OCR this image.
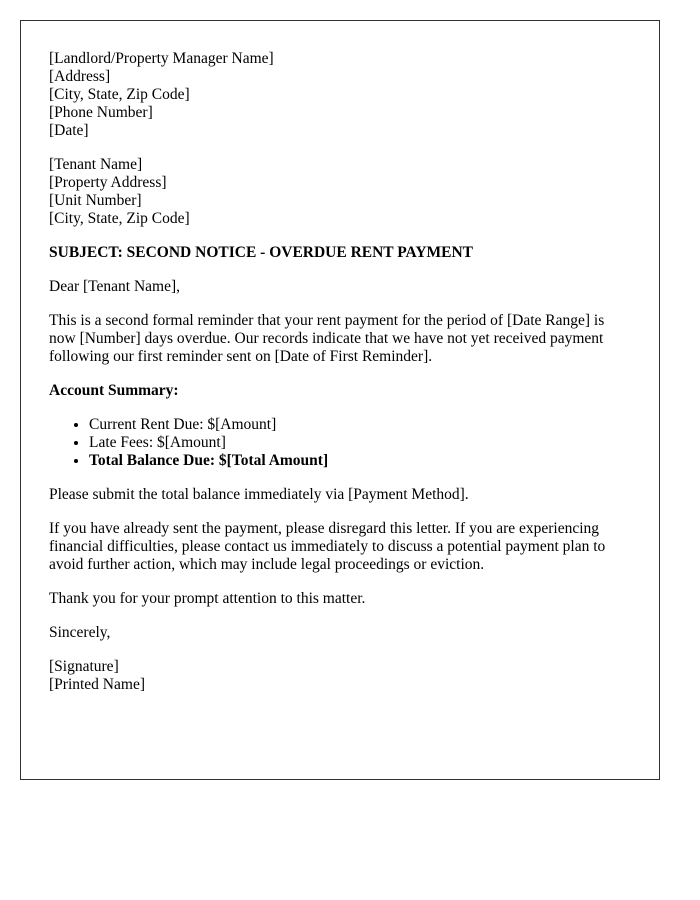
[Landlord/Property Manager Name]
[Address]
[City, State, Zip Code]
[Phone Number]
[Date]
[Tenant Name]
[Property Address]
[Unit Number]
[City, State, Zip Code]
SUBJECT: SECOND NOTICE - OVERDUE RENT PAYMENT

Dear [Tenant Name],

This is a second formal reminder that your rent payment for the period of [Date Range] is now [Number] days overdue. Our records indicate that we have not yet received payment following our first reminder sent on [Date of First Reminder].

Account Summary:
• Current Rent Due: $[Amount]
• Late Fees: $[Amount]
• Total Balance Due: $[Total Amount]

Please submit the total balance immediately via [Payment Method].

If you have already sent the payment, please disregard this letter. If you are experiencing financial difficulties, please contact us immediately to discuss a potential payment plan to avoid further action, which may include legal proceedings or eviction.

Thank you for your prompt attention to this matter.

Sincerely,

[Signature]
[Printed Name]
